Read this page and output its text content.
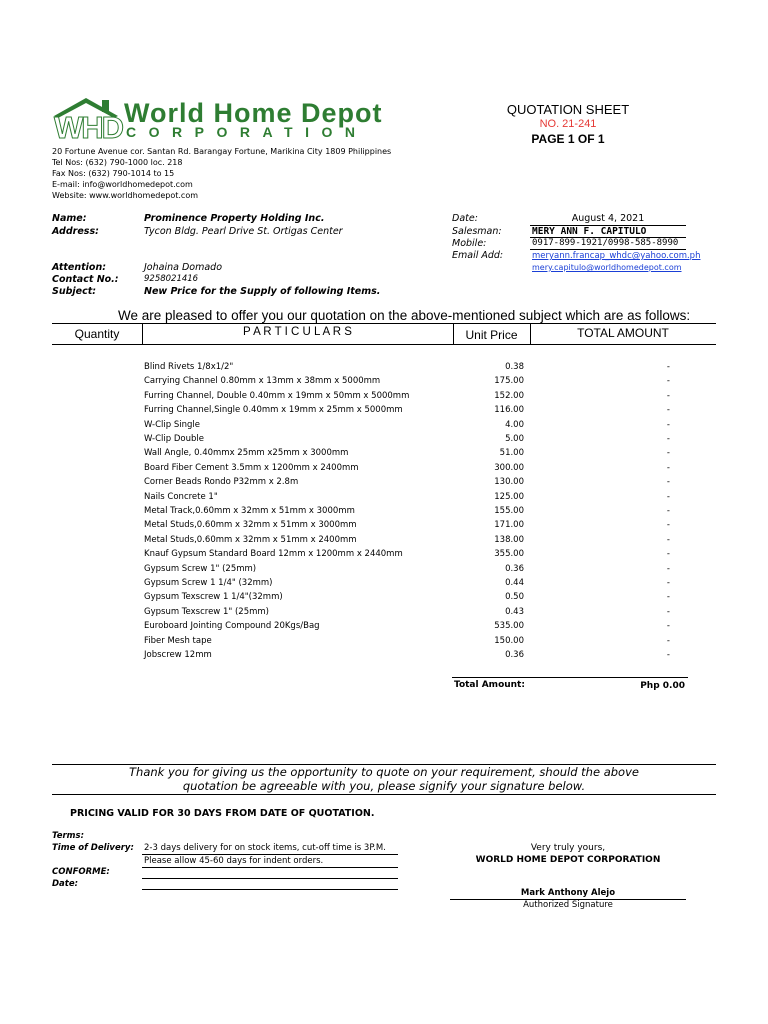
WHD World Home Depot
CORPORATION
20 Fortune Avenue cor. Santan Rd. Barangay Fortune, Marikina City 1809 Philippines
Tel Nos: (632) 790-1000 loc. 218
Fax Nos: (632) 790-1014 to 15
E-mail: info@worldhomedepot.com
Website: www.worldhomedepot.com
QUOTATION SHEET
NO. 21-241
PAGE 1 OF 1
Name:	Prominence Property Holding Inc.
Address:	Tycon Bldg. Pearl Drive St. Ortigas Center
Attention:	Johaina Domado
Contact No.:	9258021416
Subject:	New Price for the Supply of following Items.
Date:	August 4, 2021
Salesman:	MERY ANN F. CAPITULO
Mobile:	0917-899-1921/0998-585-8990
Email Add:	meryann.francap_whdc@yahoo.com.ph
mery.capitulo@worldhomedepot.com
We are pleased to offer you our quotation on the above-mentioned subject which are as follows:
Quantity	P A R T I C U L A R S	Unit Price	TOTAL AMOUNT
Blind Rivets 1/8x1/2"	0.38	-
Carrying Channel 0.80mm x 13mm x 38mm x 5000mm	175.00	-
Furring Channel, Double 0.40mm x 19mm x 50mm x 5000mm	152.00	-
Furring Channel,Single 0.40mm x 19mm x 25mm x 5000mm	116.00	-
W-Clip Single	4.00	-
W-Clip Double	5.00	-
Wall Angle, 0.40mmx 25mm x25mm x 3000mm	51.00	-
Board Fiber Cement 3.5mm x 1200mm x 2400mm	300.00	-
Corner Beads Rondo P32mm x 2.8m	130.00	-
Nails Concrete 1"	125.00	-
Metal Track,0.60mm x 32mm x 51mm x 3000mm	155.00	-
Metal Studs,0.60mm x 32mm x 51mm x 3000mm	171.00	-
Metal Studs,0.60mm x 32mm x 51mm x 2400mm	138.00	-
Knauf Gypsum Standard Board 12mm x 1200mm x 2440mm	355.00	-
Gypsum Screw 1" (25mm)	0.36	-
Gypsum Screw 1 1/4" (32mm)	0.44	-
Gypsum Texscrew 1 1/4"(32mm)	0.50	-
Gypsum Texscrew 1" (25mm)	0.43	-
Euroboard Jointing Compound 20Kgs/Bag	535.00	-
Fiber Mesh tape	150.00	-
Jobscrew 12mm	0.36	-
Total Amount:	Php 0.00
Thank you for giving us the opportunity to quote on your requirement, should the above
quotation be agreeable with you, please signify your signature below.
PRICING VALID FOR 30 DAYS FROM DATE OF QUOTATION.
Terms:
Time of Delivery: 2-3 days delivery for on stock items, cut-off time is 3P.M.
Please allow 45-60 days for indent orders.
CONFORME:
Date:
Very truly yours,
WORLD HOME DEPOT CORPORATION
Mark Anthony Alejo
Authorized Signature
